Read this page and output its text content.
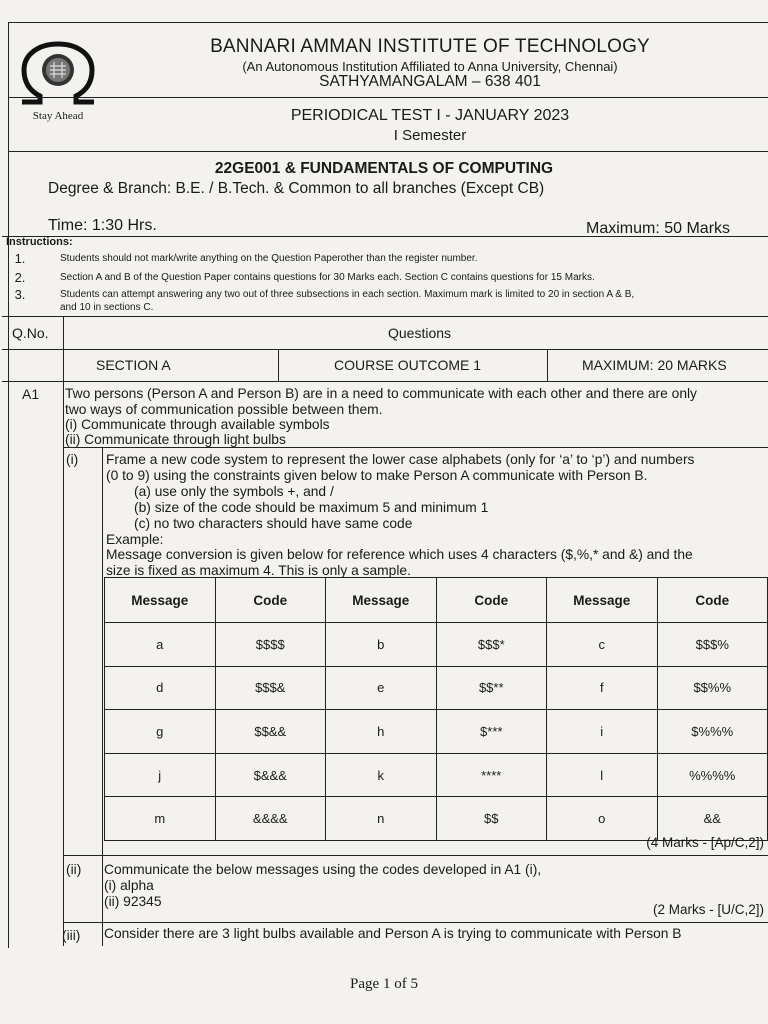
Stay Ahead
BANNARI AMMAN INSTITUTE OF TECHNOLOGY
(An Autonomous Institution Affiliated to Anna University, Chennai)
SATHYAMANGALAM – 638 401
PERIODICAL TEST I - JANUARY 2023
I Semester
22GE001 & FUNDAMENTALS OF COMPUTING
Degree & Branch: B.E. / B.Tech. & Common to all branches (Except CB)
Time: 1:30 Hrs.	Maximum: 50 Marks
Instructions:
1.	Students should not mark/write anything on the Question Paperother than the register number.
2.	Section A and B of the Question Paper contains questions for 30 Marks each. Section C contains questions for 15 Marks.
3.	Students can attempt answering any two out of three subsections in each section. Maximum mark is limited to 20 in section A & B,
and 10 in sections C.
Q.No.	Questions
SECTION A	COURSE OUTCOME 1	MAXIMUM: 20 MARKS
A1 Two persons (Person A and Person B) are in a need to communicate with each other and there are only
two ways of communication possible between them.
(i) Communicate through available symbols
(ii) Communicate through light bulbs
(i) Frame a new code system to represent the lower case alphabets (only for ‘a’ to ‘p’) and numbers
(0 to 9) using the constraints given below to make Person A communicate with Person B.
(a) use only the symbols +, and /
(b) size of the code should be maximum 5 and minimum 1
(c) no two characters should have same code
Example:
Message conversion is given below for reference which uses 4 characters ($,%,* and &) and the
size is fixed as maximum 4. This is only a sample.
Message	Code	Message	Code	Message	Code
a	$$$$	b	$$$*	c	$$$%
d	$$$&	e	$$**	f	$$%%
g	$$&&	h	$***	i	$%%%
j	$&&&	k	****	l	%%%%
m	&&&&	n	$$	o	&&
(4 Marks - [Ap/C,2])
(ii) Communicate the below messages using the codes developed in A1 (i),
(i) alpha
(ii) 92345
(2 Marks - [U/C,2])
(iii) Consider there are 3 light bulbs available and Person A is trying to communicate with Person B
Page 1 of 5
